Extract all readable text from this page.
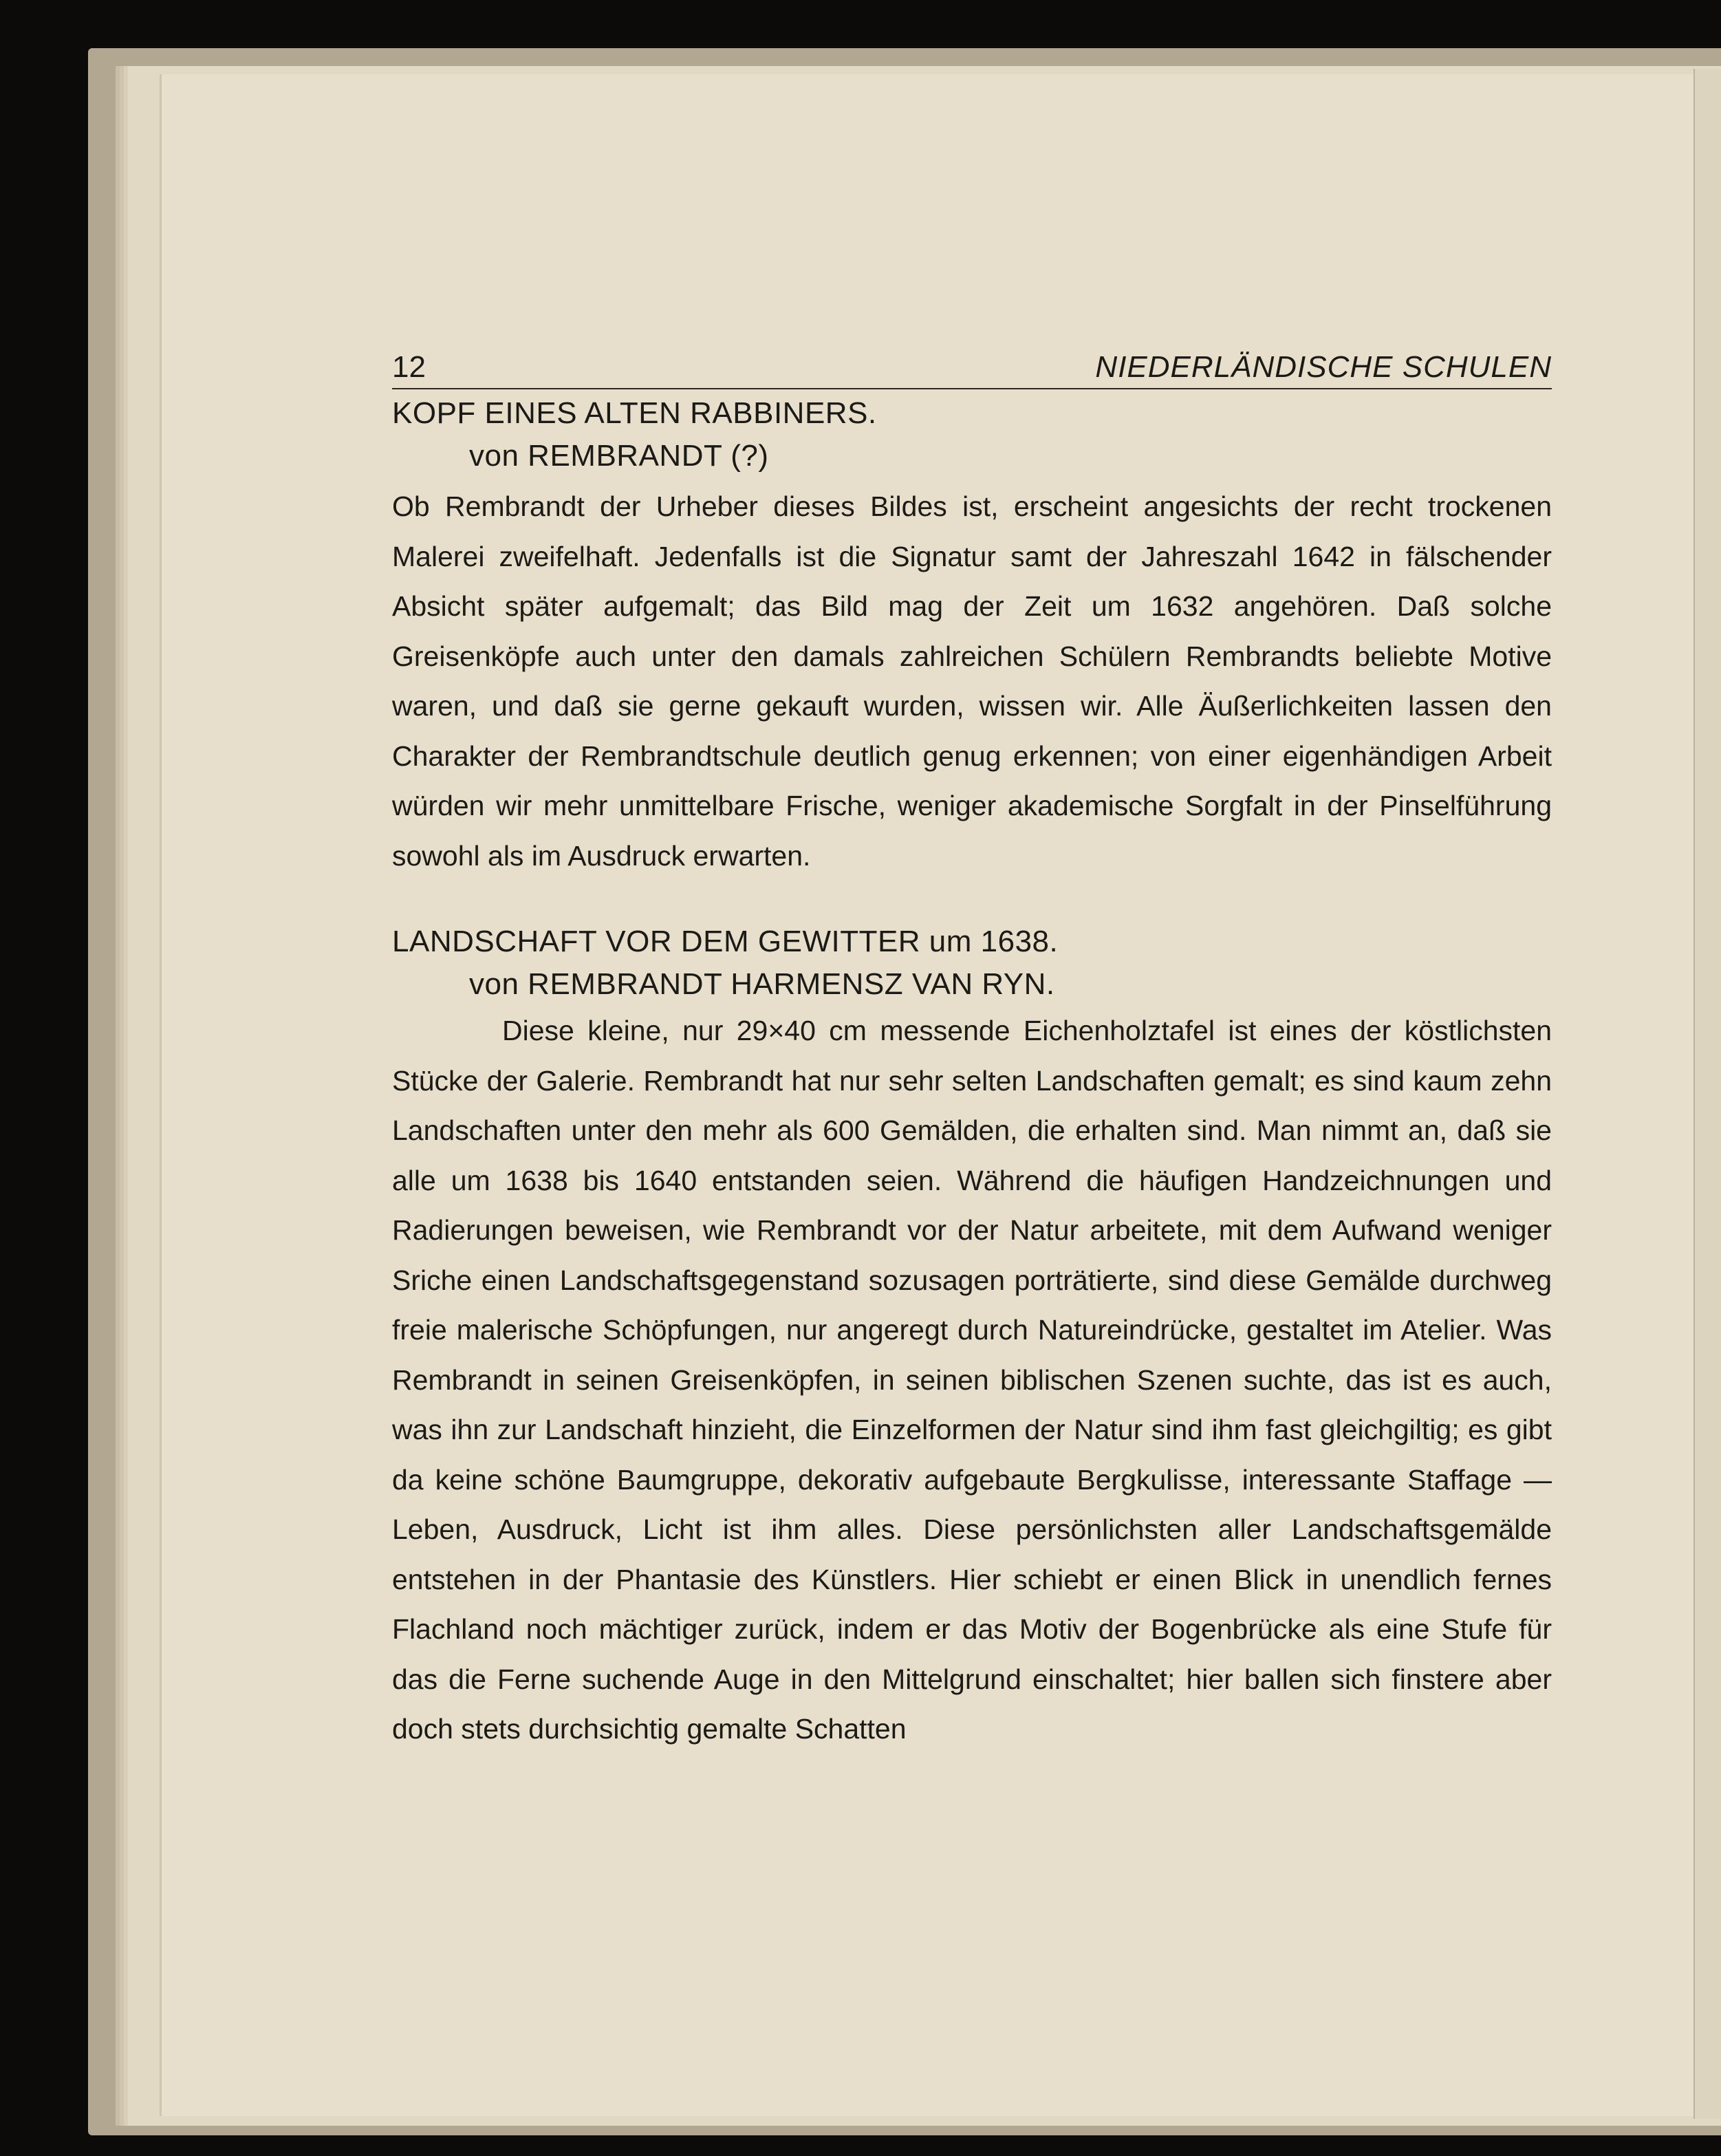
12	NIEDERLÄNDISCHE SCHULEN
KOPF EINES ALTEN RABBINERS.
von REMBRANDT (?)

Ob Rembrandt der Urheber dieses Bildes ist, erscheint angesichts der recht trockenen Malerei zweifelhaft. Jedenfalls ist die Signatur samt der Jahreszahl 1642 in fälschender Absicht später aufgemalt; das Bild mag der Zeit um 1632 angehören. Daß solche Greisenköpfe auch unter den damals zahlreichen Schülern Rembrandts beliebte Motive waren, und daß sie gerne gekauft wurden, wissen wir. Alle Äußerlichkeiten lassen den Charakter der Rembrandtschule deutlich genug erkennen; von einer eigenhändigen Arbeit würden wir mehr unmittelbare Frische, weniger akademische Sorgfalt in der Pinselführung sowohl als im Ausdruck erwarten.

LANDSCHAFT VOR DEM GEWITTER um 1638.
von REMBRANDT HARMENSZ VAN RYN.

Diese kleine, nur 29×40 cm messende Eichenholztafel ist eines der köstlichsten Stücke der Galerie. Rembrandt hat nur sehr selten Landschaften gemalt; es sind kaum zehn Landschaften unter den mehr als 600 Gemälden, die erhalten sind. Man nimmt an, daß sie alle um 1638 bis 1640 entstanden seien. Während die häufigen Handzeichnungen und Radierungen beweisen, wie Rembrandt vor der Natur arbeitete, mit dem Aufwand weniger Sriche einen Landschaftsgegenstand sozusagen porträtierte, sind diese Gemälde durchweg freie malerische Schöpfungen, nur angeregt durch Natureindrücke, gestaltet im Atelier. Was Rembrandt in seinen Greisenköpfen, in seinen biblischen Szenen suchte, das ist es auch, was ihn zur Landschaft hinzieht, die Einzelformen der Natur sind ihm fast gleichgiltig; es gibt da keine schöne Baumgruppe, dekorativ aufgebaute Bergkulisse, interessante Staffage — Leben, Ausdruck, Licht ist ihm alles. Diese persönlichsten aller Landschaftsgemälde entstehen in der Phantasie des Künstlers. Hier schiebt er einen Blick in unendlich fernes Flachland noch mächtiger zurück, indem er das Motiv der Bogenbrücke als eine Stufe für das die Ferne suchende Auge in den Mittelgrund einschaltet; hier ballen sich finstere aber doch stets durchsichtig gemalte Schatten
